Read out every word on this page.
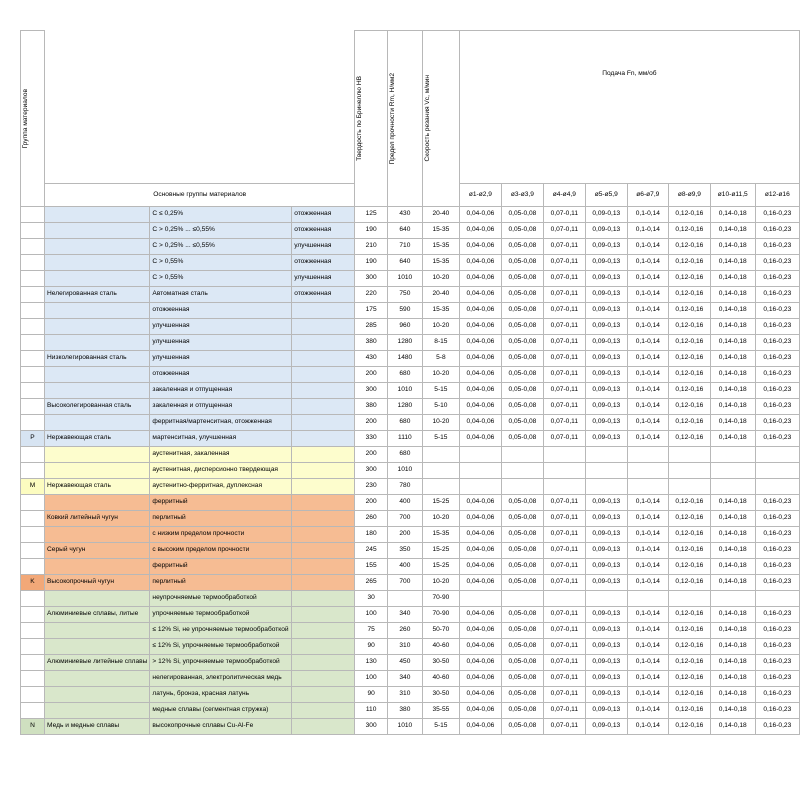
Группа материалов				Твердость по Бринеллю HB	Предел прочности Rm, Н/мм2	Скорость резания Vc, м/мин	Подача Fn, мм/об							
	Основные группы материалов						ø1-ø2,9	ø3-ø3,9	ø4-ø4,9	ø5-ø5,9	ø6-ø7,9	ø8-ø9,9	ø10-ø11,5	ø12-ø16
		C ≤ 0,25%	отожженная	125	430	20-40	0,04-0,06	0,05-0,08	0,07-0,11	0,09-0,13	0,1-0,14	0,12-0,16	0,14-0,18	0,16-0,23
		C > 0,25% ... ≤0,55%	отожженная	190	640	15-35	0,04-0,06	0,05-0,08	0,07-0,11	0,09-0,13	0,1-0,14	0,12-0,16	0,14-0,18	0,16-0,23
		C > 0,25% ... ≤0,55%	улучшенная	210	710	15-35	0,04-0,06	0,05-0,08	0,07-0,11	0,09-0,13	0,1-0,14	0,12-0,16	0,14-0,18	0,16-0,23
		C > 0,55%	отожженная	190	640	15-35	0,04-0,06	0,05-0,08	0,07-0,11	0,09-0,13	0,1-0,14	0,12-0,16	0,14-0,18	0,16-0,23
		C > 0,55%	улучшенная	300	1010	10-20	0,04-0,06	0,05-0,08	0,07-0,11	0,09-0,13	0,1-0,14	0,12-0,16	0,14-0,18	0,16-0,23
	Нелегированная сталь	Автоматная сталь	отожженная	220	750	20-40	0,04-0,06	0,05-0,08	0,07-0,11	0,09-0,13	0,1-0,14	0,12-0,16	0,14-0,18	0,16-0,23
		отожженная		175	590	15-35	0,04-0,06	0,05-0,08	0,07-0,11	0,09-0,13	0,1-0,14	0,12-0,16	0,14-0,18	0,16-0,23
		улучшенная		285	960	10-20	0,04-0,06	0,05-0,08	0,07-0,11	0,09-0,13	0,1-0,14	0,12-0,16	0,14-0,18	0,16-0,23
		улучшенная		380	1280	8-15	0,04-0,06	0,05-0,08	0,07-0,11	0,09-0,13	0,1-0,14	0,12-0,16	0,14-0,18	0,16-0,23
	Низколегированная сталь	улучшенная		430	1480	5-8	0,04-0,06	0,05-0,08	0,07-0,11	0,09-0,13	0,1-0,14	0,12-0,16	0,14-0,18	0,16-0,23
		отожженная		200	680	10-20	0,04-0,06	0,05-0,08	0,07-0,11	0,09-0,13	0,1-0,14	0,12-0,16	0,14-0,18	0,16-0,23
		закаленная и отпущенная		300	1010	5-15	0,04-0,06	0,05-0,08	0,07-0,11	0,09-0,13	0,1-0,14	0,12-0,16	0,14-0,18	0,16-0,23
	Высоколегированная сталь	закаленная и отпущенная		380	1280	5-10	0,04-0,06	0,05-0,08	0,07-0,11	0,09-0,13	0,1-0,14	0,12-0,16	0,14-0,18	0,16-0,23
		ферритная/мартенситная, отожженная		200	680	10-20	0,04-0,06	0,05-0,08	0,07-0,11	0,09-0,13	0,1-0,14	0,12-0,16	0,14-0,18	0,16-0,23
P	Нержавеющая сталь	мартенситная, улучшенная		330	1110	5-15	0,04-0,06	0,05-0,08	0,07-0,11	0,09-0,13	0,1-0,14	0,12-0,16	0,14-0,18	0,16-0,23
		аустенитная, закаленная		200	680									
		аустенитная, дисперсионно твердеющая		300	1010									
M	Нержавеющая сталь	аустенитно-ферритная, дуплексная		230	780									
		ферритный		200	400	15-25	0,04-0,06	0,05-0,08	0,07-0,11	0,09-0,13	0,1-0,14	0,12-0,16	0,14-0,18	0,16-0,23
	Ковкий литейный чугун	перлитный		260	700	10-20	0,04-0,06	0,05-0,08	0,07-0,11	0,09-0,13	0,1-0,14	0,12-0,16	0,14-0,18	0,16-0,23
		с низким пределом прочности		180	200	15-35	0,04-0,06	0,05-0,08	0,07-0,11	0,09-0,13	0,1-0,14	0,12-0,16	0,14-0,18	0,16-0,23
	Серый чугун	с высоким пределом прочности		245	350	15-25	0,04-0,06	0,05-0,08	0,07-0,11	0,09-0,13	0,1-0,14	0,12-0,16	0,14-0,18	0,16-0,23
		ферритный		155	400	15-25	0,04-0,06	0,05-0,08	0,07-0,11	0,09-0,13	0,1-0,14	0,12-0,16	0,14-0,18	0,16-0,23
K	Высокопрочный чугун	перлитный		265	700	10-20	0,04-0,06	0,05-0,08	0,07-0,11	0,09-0,13	0,1-0,14	0,12-0,16	0,14-0,18	0,16-0,23
		неупрочняемые термообработкой		30		70-90								
	Алюминиевые сплавы, литые	упрочняемые термообработкой		100	340	70-90	0,04-0,06	0,05-0,08	0,07-0,11	0,09-0,13	0,1-0,14	0,12-0,16	0,14-0,18	0,16-0,23
		≤ 12% Si, не упрочняемые термообработкой		75	260	50-70	0,04-0,06	0,05-0,08	0,07-0,11	0,09-0,13	0,1-0,14	0,12-0,16	0,14-0,18	0,16-0,23
		≤ 12% Si, упрочняемые термообработкой		90	310	40-60	0,04-0,06	0,05-0,08	0,07-0,11	0,09-0,13	0,1-0,14	0,12-0,16	0,14-0,18	0,16-0,23
	Алюминиевые литейные сплавы	> 12% Si, упрочняемые термообработкой		130	450	30-50	0,04-0,06	0,05-0,08	0,07-0,11	0,09-0,13	0,1-0,14	0,12-0,16	0,14-0,18	0,16-0,23
		нелегированная, электролитическая медь		100	340	40-60	0,04-0,06	0,05-0,08	0,07-0,11	0,09-0,13	0,1-0,14	0,12-0,16	0,14-0,18	0,16-0,23
		латунь, бронза, красная латунь		90	310	30-50	0,04-0,06	0,05-0,08	0,07-0,11	0,09-0,13	0,1-0,14	0,12-0,16	0,14-0,18	0,16-0,23
		медные сплавы (сегментная стружка)		110	380	35-55	0,04-0,06	0,05-0,08	0,07-0,11	0,09-0,13	0,1-0,14	0,12-0,16	0,14-0,18	0,16-0,23
N	Медь и медные сплавы	высокопрочные сплавы Cu-Al-Fe		300	1010	5-15	0,04-0,06	0,05-0,08	0,07-0,11	0,09-0,13	0,1-0,14	0,12-0,16	0,14-0,18	0,16-0,23
